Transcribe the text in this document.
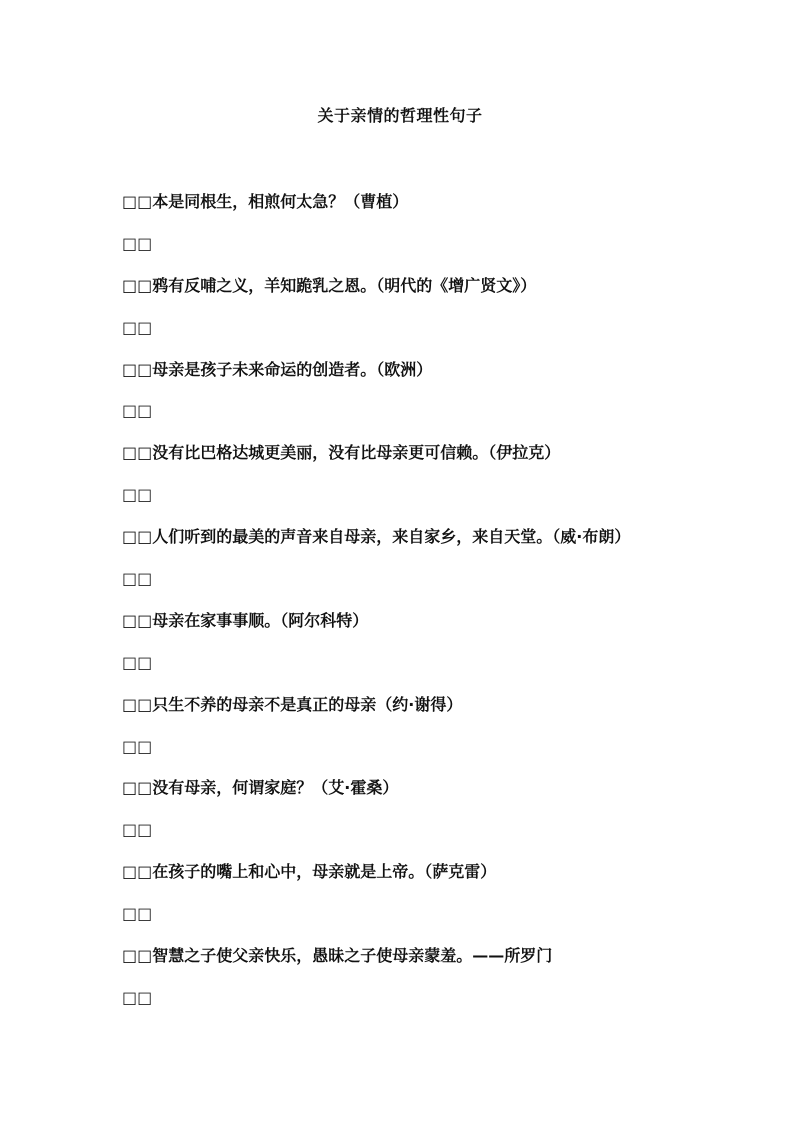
关于亲情的哲理性句子
□□本是同根生，相煎何太急？（曹植）
□□
□□鸦有反哺之义，羊知跪乳之恩。（明代的《增广贤文》）
□□
□□母亲是孩子未来命运的创造者。（欧洲）
□□
□□没有比巴格达城更美丽，没有比母亲更可信赖。（伊拉克）
□□
□□人们听到的最美的声音来自母亲，来自家乡，来自天堂。（威·布朗）
□□
□□母亲在家事事顺。（阿尔科特）
□□
□□只生不养的母亲不是真正的母亲（约·谢得）
□□
□□没有母亲，何谓家庭？（艾·霍桑）
□□
□□在孩子的嘴上和心中，母亲就是上帝。（萨克雷）
□□
□□智慧之子使父亲快乐，愚昧之子使母亲蒙羞。——所罗门
□□
